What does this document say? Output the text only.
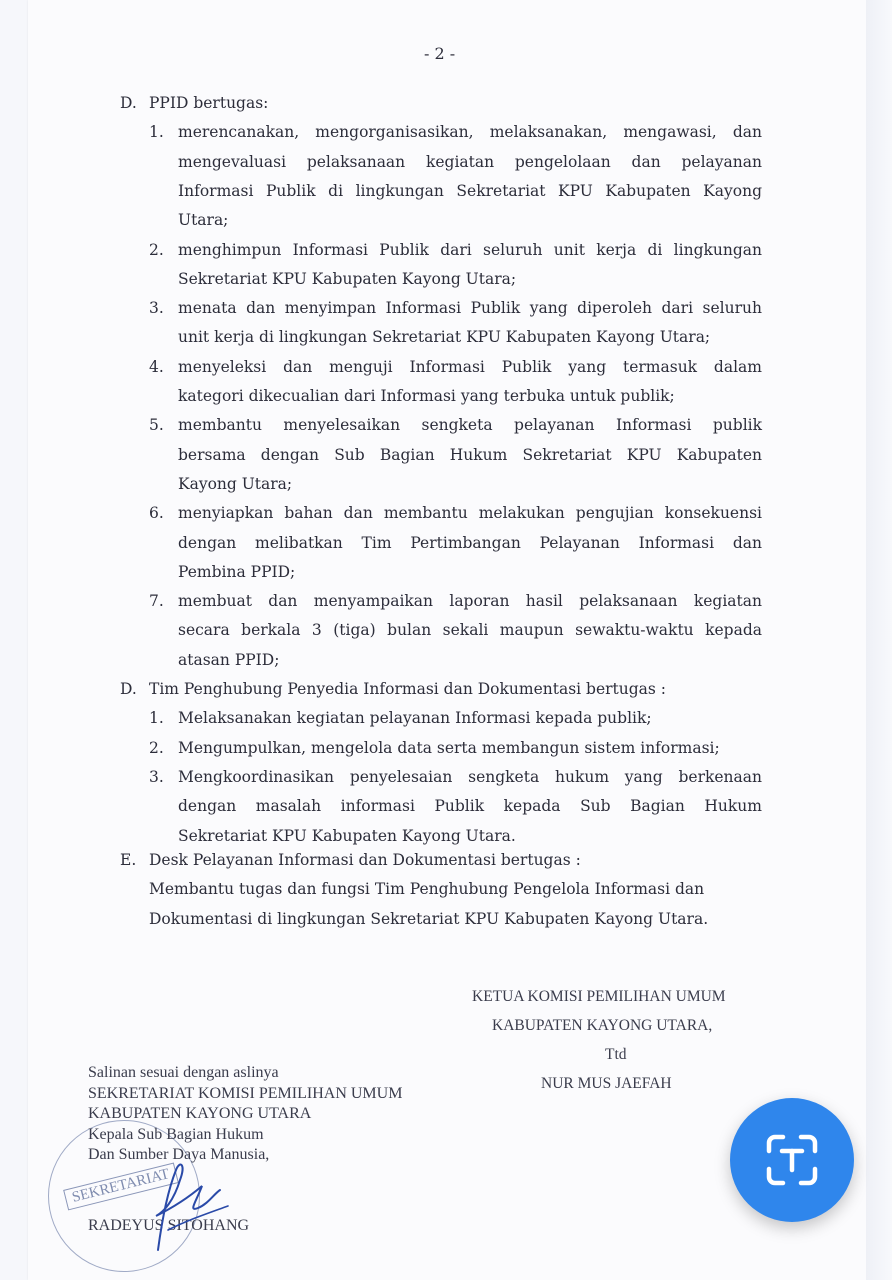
- 2 -
D. PPID bertugas:
1. merencanakan, mengorganisasikan, melaksanakan, mengawasi, dan
mengevaluasi pelaksanaan kegiatan pengelolaan dan pelayanan
Informasi Publik di lingkungan Sekretariat KPU Kabupaten Kayong
Utara;
2. menghimpun Informasi Publik dari seluruh unit kerja di lingkungan
Sekretariat KPU Kabupaten Kayong Utara;
3. menata dan menyimpan Informasi Publik yang diperoleh dari seluruh
unit kerja di lingkungan Sekretariat KPU Kabupaten Kayong Utara;
4. menyeleksi dan menguji Informasi Publik yang termasuk dalam
kategori dikecualian dari Informasi yang terbuka untuk publik;
5. membantu menyelesaikan sengketa pelayanan Informasi publik
bersama dengan Sub Bagian Hukum Sekretariat KPU Kabupaten
Kayong Utara;
6. menyiapkan bahan dan membantu melakukan pengujian konsekuensi
dengan melibatkan Tim Pertimbangan Pelayanan Informasi dan
Pembina PPID;
7. membuat dan menyampaikan laporan hasil pelaksanaan kegiatan
secara berkala 3 (tiga) bulan sekali maupun sewaktu-waktu kepada
atasan PPID;
D. Tim Penghubung Penyedia Informasi dan Dokumentasi bertugas :
1. Melaksanakan kegiatan pelayanan Informasi kepada publik;
2. Mengumpulkan, mengelola data serta membangun sistem informasi;
3. Mengkoordinasikan penyelesaian sengketa hukum yang berkenaan
dengan masalah informasi Publik kepada Sub Bagian Hukum
Sekretariat KPU Kabupaten Kayong Utara.
E. Desk Pelayanan Informasi dan Dokumentasi bertugas :
Membantu tugas dan fungsi Tim Penghubung Pengelola Informasi dan
Dokumentasi di lingkungan Sekretariat KPU Kabupaten Kayong Utara.
KETUA KOMISI PEMILIHAN UMUM
KABUPATEN KAYONG UTARA,
Ttd
NUR MUS JAEFAH
SEKRETARIAT
Salinan sesuai dengan aslinya
SEKRETARIAT KOMISI PEMILIHAN UMUM
KABUPATEN KAYONG UTARA
Kepala Sub Bagian Hukum
Dan Sumber Daya Manusia,
RADEYUS SITOHANG
